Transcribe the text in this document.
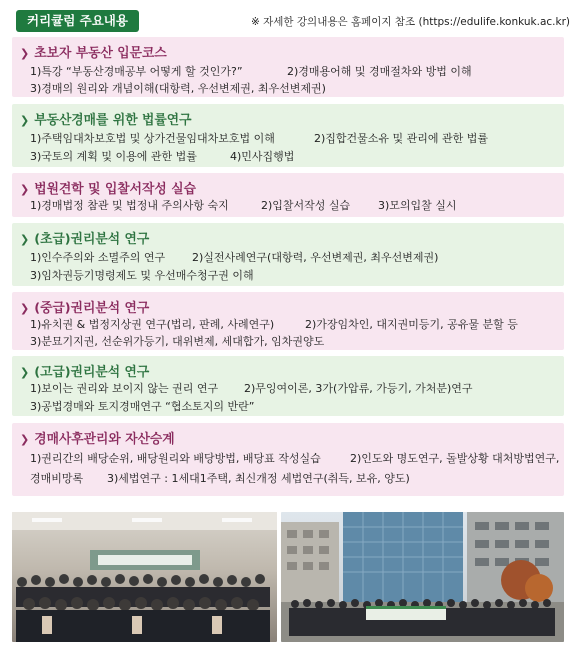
커리큘럼 주요내용	※ 자세한 강의내용은 홈페이지 참조 (https://edulife.konkuk.ac.kr)
❯ 초보자 부동산 입문코스
1)특강 “부동산경매공부 어떻게 할 것인가?”	2)경매용어해 및 경매절차와 방법 이해
3)경매의 원리와 개념이해(대항력, 우선변제권, 최우선변제권)
❯ 부동산경매를 위한 법률연구
1)주택임대차보호법 및 상가건물임대차보호법 이해	2)집합건물소유 및 관리에 관한 법률
3)국토의 계획 및 이용에 관한 법률	4)민사집행법
❯ 법원견학 및 입찰서작성 실습
1)경매법정 참관 및 법정내 주의사항 숙지	2)입찰서작성 실습	3)모의입찰 실시
❯ (초급)권리분석 연구
1)인수주의와 소멸주의 연구 2)실전사례연구(대항력, 우선변제권, 최우선변제권)
3)임차권등기명령제도 및 우선매수청구권 이해
❯ (중급)권리분석 연구
1)유치권 & 법정지상권 연구(법리, 판례, 사례연구)	2)가장임차인, 대지권미등기, 공유물 분할 등
3)분묘기지권, 선순위가등기, 대위변제, 세대합가, 임차권양도
❯ (고급)권리분석 연구
1)보이는 권리와 보이지 않는 권리 연구 2)무잉여이론, 3가(가압류, 가등기, 가처분)연구
3)공법경매와 토지경매연구 “협소토지의 반란”
❯ 경매사후관리와 자산승계
1)권리간의 배당순위, 배당원리와 배당방법, 배당표 작성실습	2)인도와 명도연구, 돌발상황 대처방법연구,
경매비망록 3)세법연구 : 1세대1주택, 최신개정 세법연구(취득, 보유, 양도)
